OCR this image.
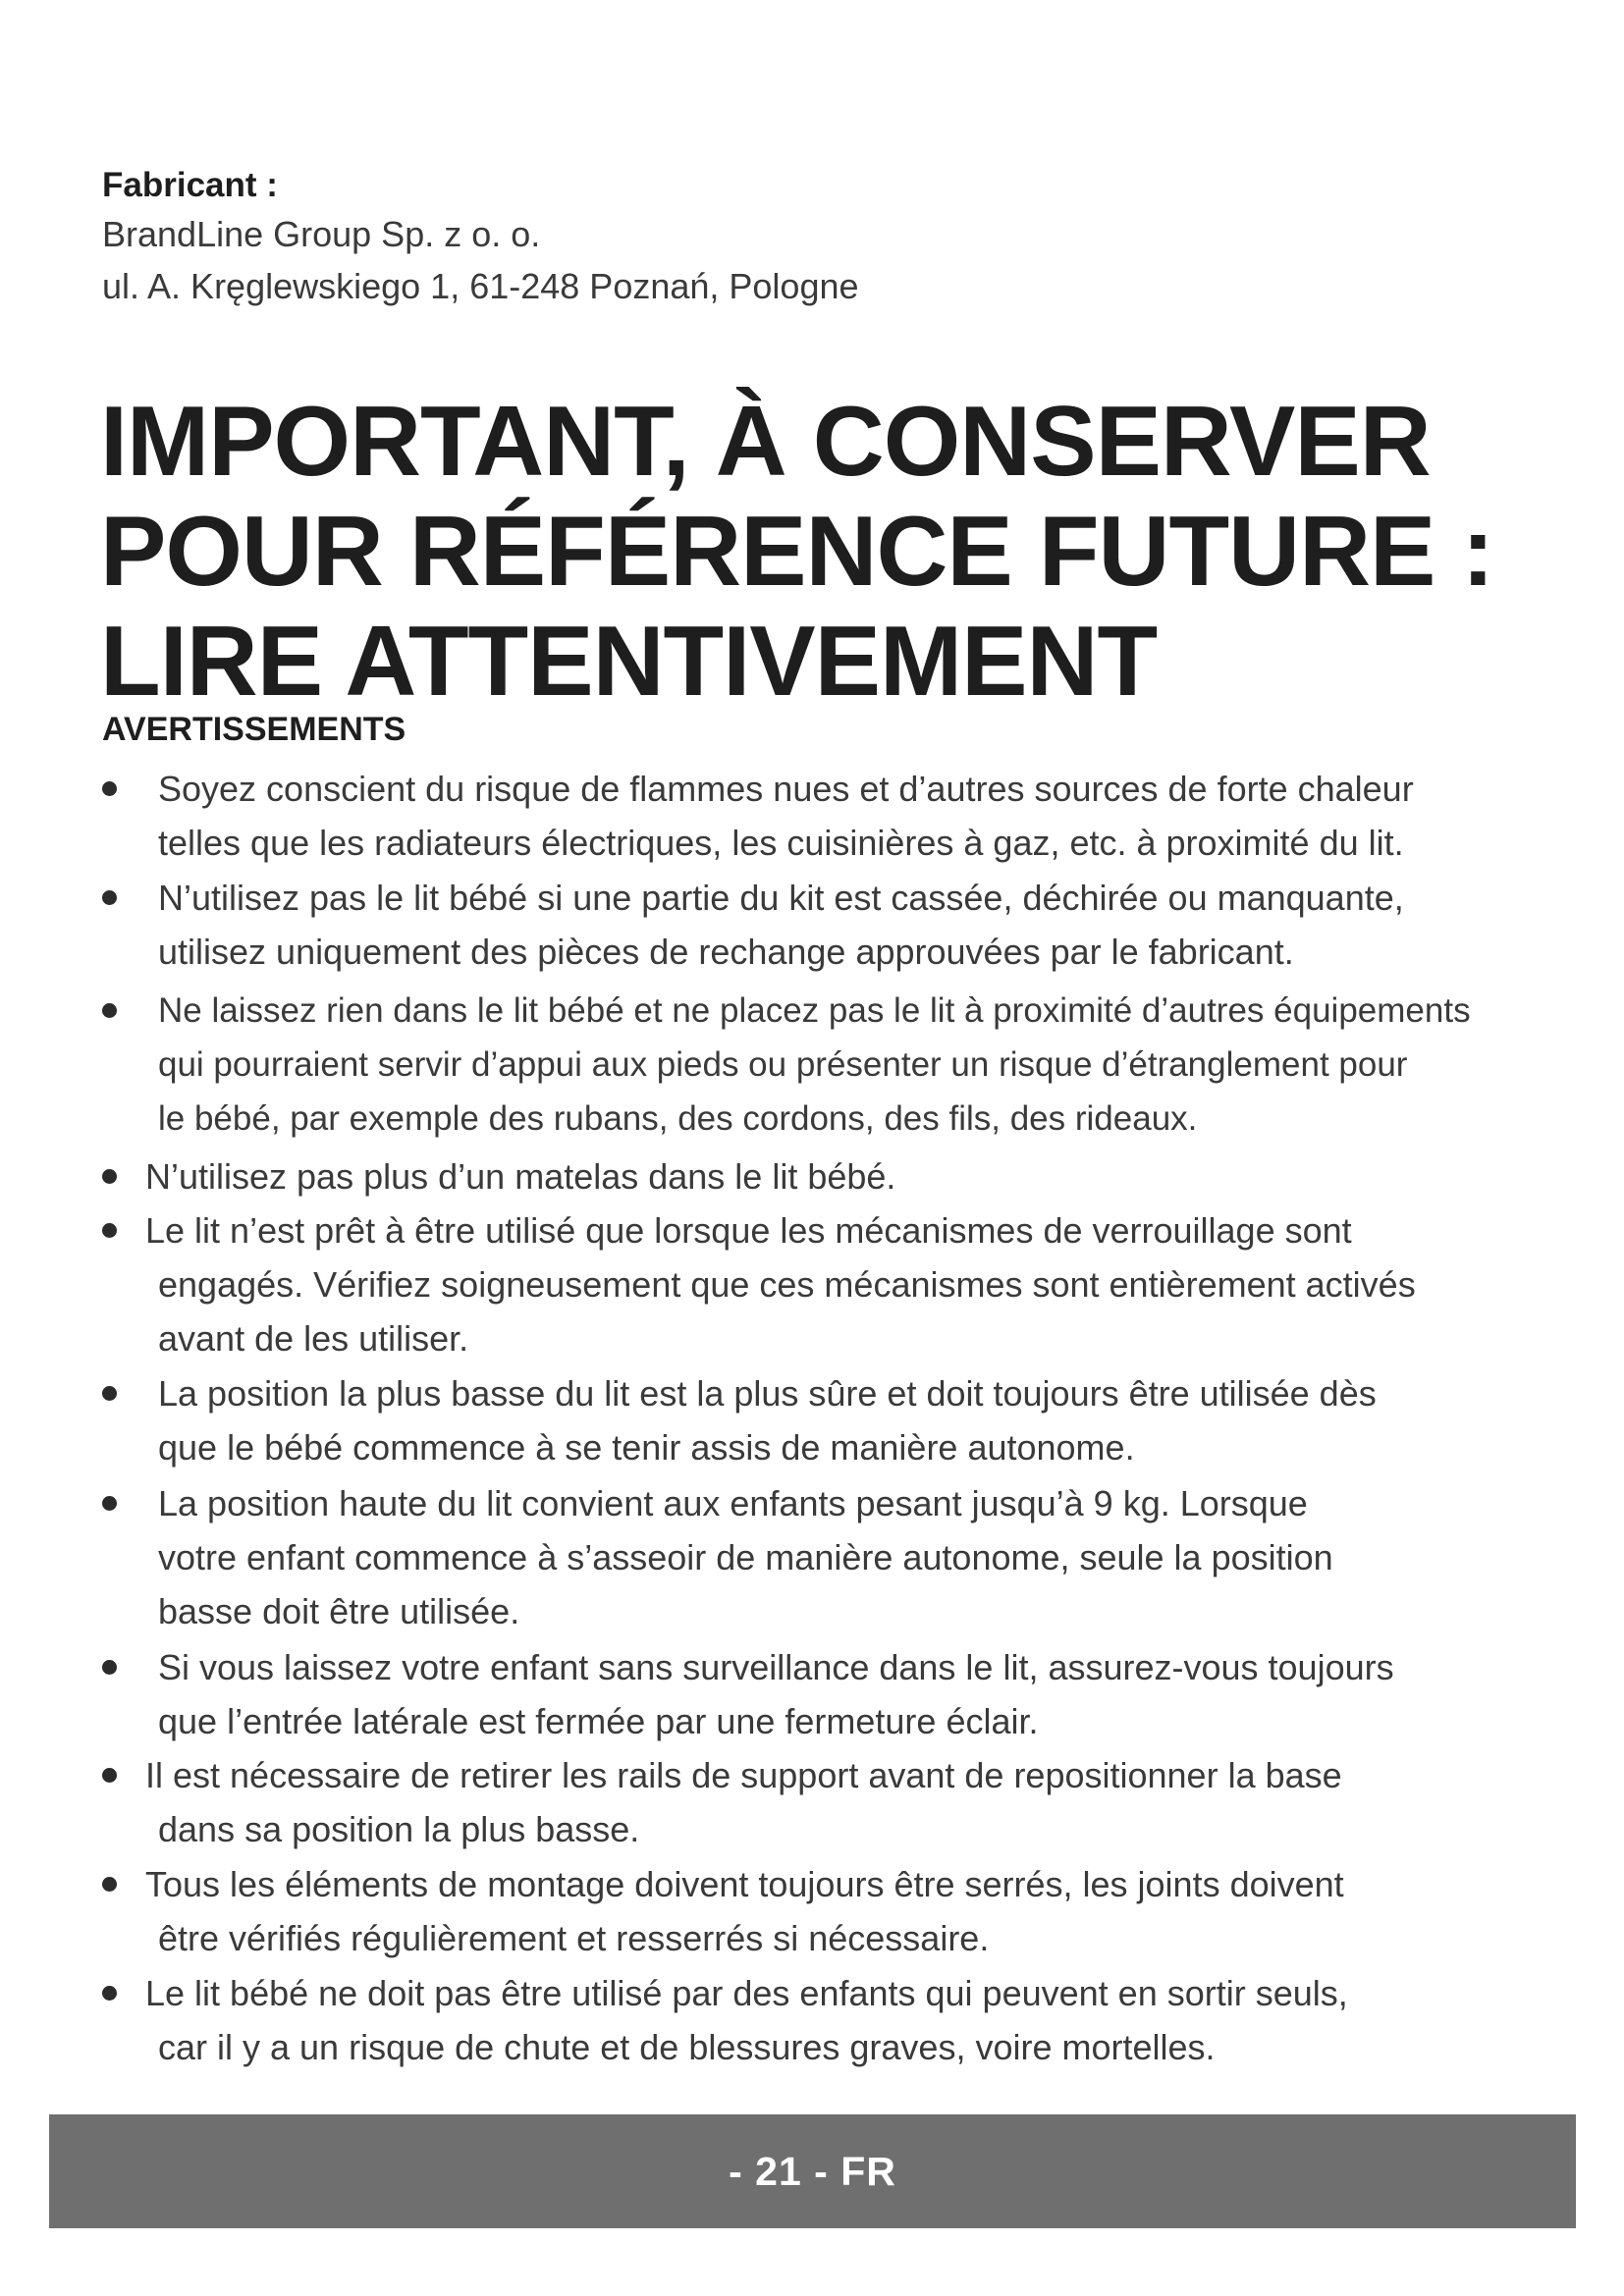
Fabricant :
BrandLine Group Sp. z o. o.
ul. A. Kręglewskiego 1, 61-248 Poznań, Pologne
IMPORTANT, À CONSERVER
POUR RÉFÉRENCE FUTURE :
LIRE ATTENTIVEMENT
AVERTISSEMENTS
Soyez conscient du risque de flammes nues et d’autres sources de forte chaleur
telles que les radiateurs électriques, les cuisinières à gaz, etc. à proximité du lit.
N’utilisez pas le lit bébé si une partie du kit est cassée, déchirée ou manquante,
utilisez uniquement des pièces de rechange approuvées par le fabricant.
Ne laissez rien dans le lit bébé et ne placez pas le lit à proximité d’autres équipements
qui pourraient servir d’appui aux pieds ou présenter un risque d’étranglement pour
le bébé, par exemple des rubans, des cordons, des fils, des rideaux.
N’utilisez pas plus d’un matelas dans le lit bébé.
Le lit n’est prêt à être utilisé que lorsque les mécanismes de verrouillage sont
engagés. Vérifiez soigneusement que ces mécanismes sont entièrement activés
avant de les utiliser.
La position la plus basse du lit est la plus sûre et doit toujours être utilisée dès
que le bébé commence à se tenir assis de manière autonome.
La position haute du lit convient aux enfants pesant jusqu’à 9 kg. Lorsque
votre enfant commence à s’asseoir de manière autonome, seule la position
basse doit être utilisée.
Si vous laissez votre enfant sans surveillance dans le lit, assurez-vous toujours
que l’entrée latérale est fermée par une fermeture éclair.
Il est nécessaire de retirer les rails de support avant de repositionner la base
dans sa position la plus basse.
Tous les éléments de montage doivent toujours être serrés, les joints doivent
être vérifiés régulièrement et resserrés si nécessaire.
Le lit bébé ne doit pas être utilisé par des enfants qui peuvent en sortir seuls,
car il y a un risque de chute et de blessures graves, voire mortelles.
- 21 - FR
